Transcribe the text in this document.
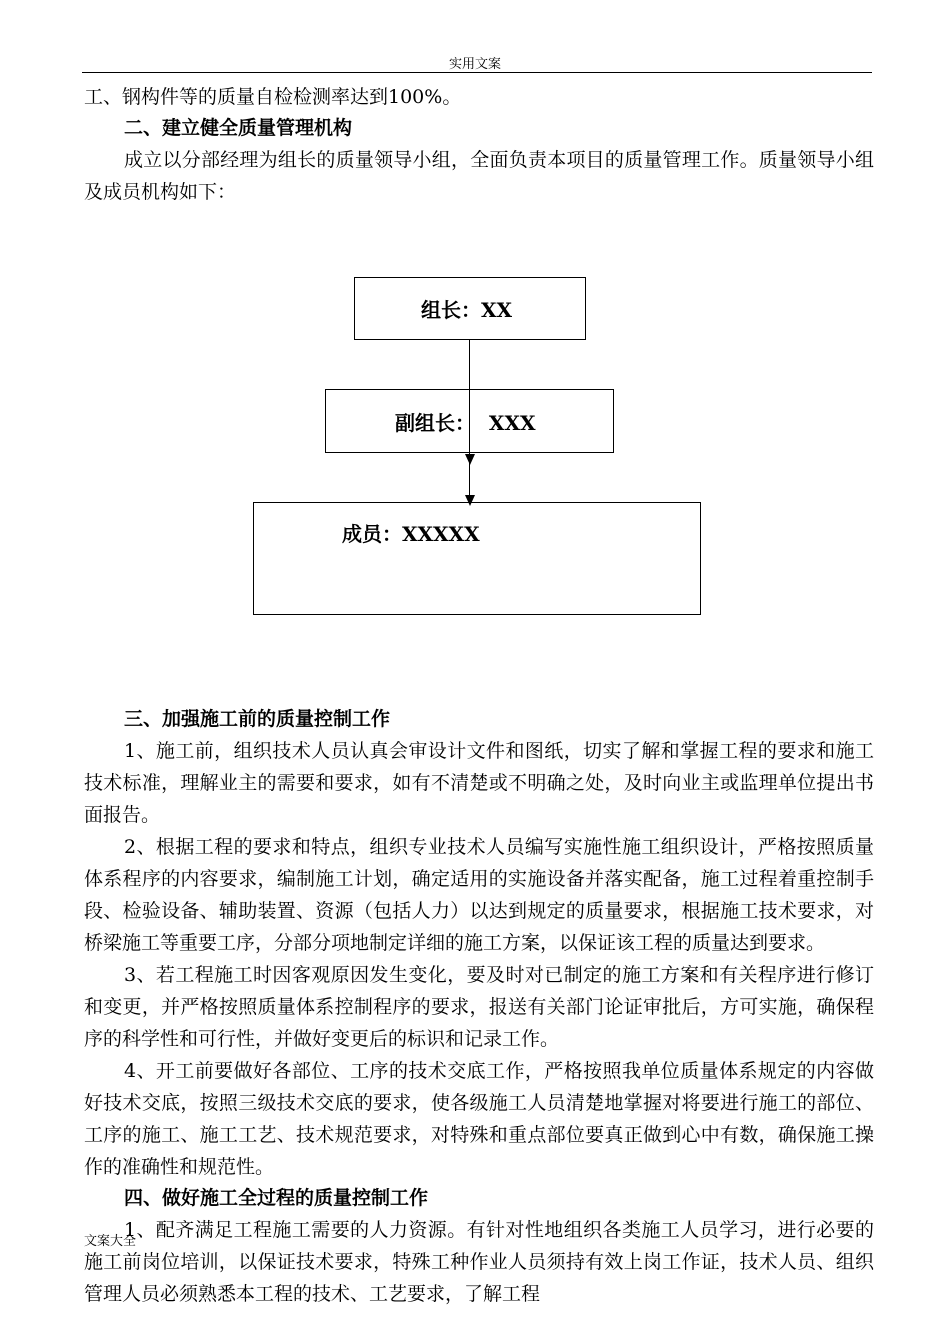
实用文案
工、钢构件等的质量自检检测率达到100%。
二、建立健全质量管理机构

成立以分部经理为组长的质量领导小组，全面负责本项目的质量管理工作。质量领导小组及成员机构如下：

组长：XX
副组长：  XXX
成员：XXXXX
三、加强施工前的质量控制工作

1、施工前，组织技术人员认真会审设计文件和图纸，切实了解和掌握工程的要求和施工技术标准，理解业主的需要和要求，如有不清楚或不明确之处，及时向业主或监理单位提出书面报告。

2、根据工程的要求和特点，组织专业技术人员编写实施性施工组织设计，严格按照质量体系程序的内容要求，编制施工计划，确定适用的实施设备并落实配备，施工过程着重控制手段、检验设备、辅助装置、资源（包括人力）以达到规定的质量要求，根据施工技术要求，对桥梁施工等重要工序，分部分项地制定详细的施工方案，以保证该工程的质量达到要求。

3、若工程施工时因客观原因发生变化，要及时对已制定的施工方案和有关程序进行修订和变更，并严格按照质量体系控制程序的要求，报送有关部门论证审批后，方可实施，确保程序的科学性和可行性，并做好变更后的标识和记录工作。

4、开工前要做好各部位、工序的技术交底工作，严格按照我单位质量体系规定的内容做好技术交底，按照三级技术交底的要求，使各级施工人员清楚地掌握对将要进行施工的部位、工序的施工、施工工艺、技术规范要求，对特殊和重点部位要真正做到心中有数，确保施工操作的准确性和规范性。

四、做好施工全过程的质量控制工作

1、配齐满足工程施工需要的人力资源。有针对性地组织各类施工人员学习，进行必要的施工前岗位培训，以保证技术要求，特殊工种作业人员须持有效上岗工作证，技术人员、组织管理人员必须熟悉本工程的技术、工艺要求，了解工程

文案大全
